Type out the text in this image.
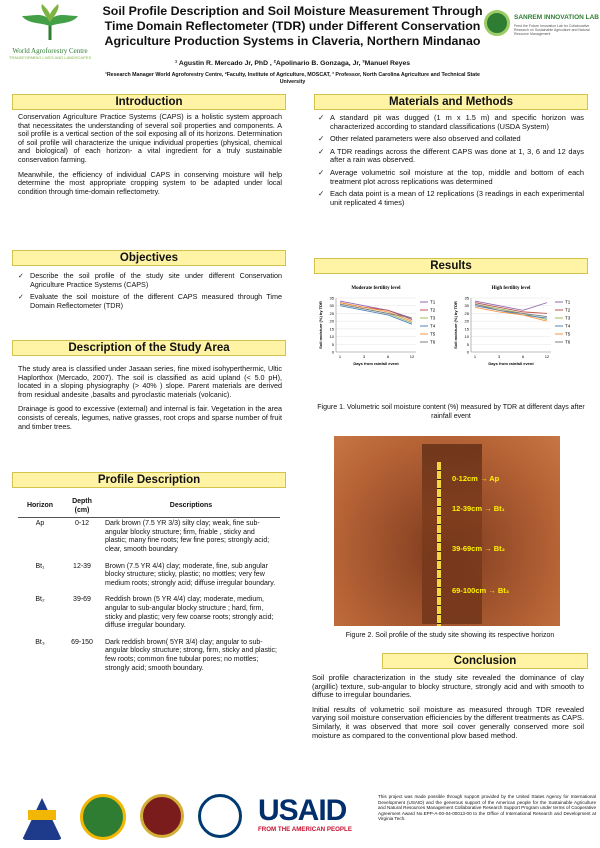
World Agroforestry Centre
TRANSFORMING LIVES AND LANDSCAPES
Soil Profile Description and Soil Moisture Measurement Through Time Domain Reflectometer (TDR) under Different Conservation Agriculture Production Systems in Claveria, Northern Mindanao
¹ Agustin R. Mercado Jr, PhD , ²Apolinario B. Gonzaga, Jr, ³Manuel Reyes
¹Research Manager World Agroforestry Centre, ²Faculty, Institute of Agriculture, MOSCAT, ³ Professor, North Carolina Agriculture and Technical State University
SANREM INNOVATION LAB
Feed the Future Innovation Lab for Collaborative Research on Sustainable Agriculture and Natural Resource Management
Introduction

Conservation Agriculture Practice Systems (CAPS) is a holistic system approach that necessitates the understanding of several soil properties and components. A soil profile is a vertical section of the soil exposing all of its horizons. Determination of soil profile will characterize the unique individual properties (physical, chemical and biological) of each horizon- a vital ingredient for a truly sustainable conservation farming.

Meanwhile, the efficiency of individual CAPS in conserving moisture will help determine the most appropriate cropping system to be adapted under local condition through time-domain reflectometry.

Objectives
✓ Describe the soil profile of the study site under different Conservation Agriculture Practice Systems (CAPS)
✓ Evaluate the soil moisture of the different CAPS measured through Time Domain Reflectometer (TDR)
Description of the Study Area

The study area is classified under Jasaan series, fine mixed isohyperthermic, Ultic Haplorthox (Mercado, 2007). The soil is classified as acid upland (< 5.0 pH), located in a sloping physiography (> 40% ) slope. Parent materials are derived from residual andesite ,basalts and pyroclastic materials (volcanic).

Drainage is good to excessive (external) and internal is fair. Vegetation in the area consists of cereals, legumes, native grasses, root crops and sparse number of fruit and timber trees.

Profile Description
Horizon	Depth (cm)	Descriptions
Ap	0-12	Dark brown (7.5 YR 3/3) silty clay; weak, fine sub-angular blocky structure; firm, friable , sticky and plastic; many fine roots; few fine pores; strongly acid; clear, smooth boundary
Bt₁	12-39	Brown (7.5 YR 4/4) clay; moderate, fine, sub angular blocky structure; sticky, plastic; no mottles; very few medium roots; strongly acid; diffuse irregular boundary.
Bt₂	39-69	Reddish brown (5 YR 4/4) clay; moderate, medium, angular to sub-angular blocky structure ; hard, firm, sticky and plastic; very few coarse roots; strongly acid; diffuse irregular boundary.
Bt₃	69-150	Dark reddish brown( 5YR 3/4) clay; angular to sub-angular blocky structure; strong, firm, sticky and plastic; few roots; common fine tubular pores; no mottles; strongly acid; smooth boundary.
Materials and Methods
✓ A standard pit was dugged (1 m x 1.5 m) and specific horizon was characterized according to standard classifications (USDA System)
✓ Other related parameters were also observed and collated
✓ A TDR readings across the different CAPS was done at 1, 3, 6 and 12 days after a rain was observed.
✓ Average volumetric soil moisture at the top, middle and bottom of each treatment plot across replications was determined
✓ Each data point is a mean of 12 replications (3 readings in each experimental unit replicated 4 times)
Results
Moderate fertility level
0
5
10
15
20
25
30
35
1	3	6	12
Days from rainfall event
Soil moisture (%) by TDR	T1
T2
T3
T4
T5
T6
High fertility level
0
5
10
15
20
25
30
35
1	3	6	12
Days from rainfall event
Soil moisture (%) by TDR	T1
T2
T3
T4
T5
T6
Figure 1. Volumetric soil moisture content (%) measured by TDR at different days after rainfall event
0-12cm → Ap
12-39cm → Bt₁
39-69cm → Bt₂
69-100cm → Bt₃
Figure 2. Soil profile of the study site showing its respective horizon
Conclusion

Soil profile characterization in the study site revealed the dominance of clay (argillic) texture, sub-angular to blocky structure, strongly acid and with smooth to diffuse to irregular boundaries.

Initial results of volumetric soil moisture as measured through TDR revealed varying soil moisture conservation efficiencies by the different treatments as CAPS. Similarly, it was observed that more soil cover generally conserved more soil moisture as compared to the conventional plow based method.

USAID
FROM THE AMERICAN PEOPLE
This project was made possible through support provided by the United States Agency for International Development (USAID) and the generous support of the American people for the Sustainable Agriculture and Natural Resources Management Collaborative Research Support Program under terms of Cooperative Agreement Award No.EPP-A-00-04-00013-00 to the Office of International Research and Development at Virginia Tech.
